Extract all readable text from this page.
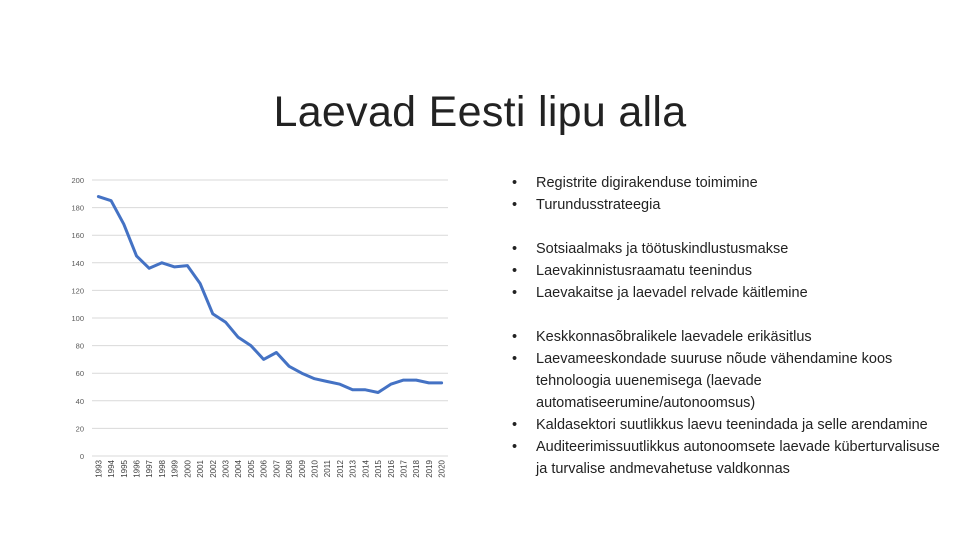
Laevad Eesti lipu alla
0
20
40
60
80
100
120
140
160
180
200
1993 1994 1995 1996 1997 1998 1999 2000 2001 2002 2003 2004 2005 2006 2007 2008 2009 2010 2011 2012 2013 2014 2015 2016 2017 2018 2019 2020
• Registrite digirakenduse toimimine
• Turundusstrateegia
• Sotsiaalmaks ja töötuskindlustusmakse
• Laevakinnistusraamatu teenindus
• Laevakaitse ja laevadel relvade käitlemine
• Keskkonnasõbralikele laevadele erikäsitlus
• Laevameeskondade suuruse nõude vähendamine koos tehnoloogia uuenemisega (laevade automatiseerumine/autonoomsus)
• Kaldasektori suutlikkus laevu teenindada ja selle arendamine
• Auditeerimissuutlikkus autonoomsete laevade küberturvalisuse ja turvalise andmevahetuse valdkonnas
